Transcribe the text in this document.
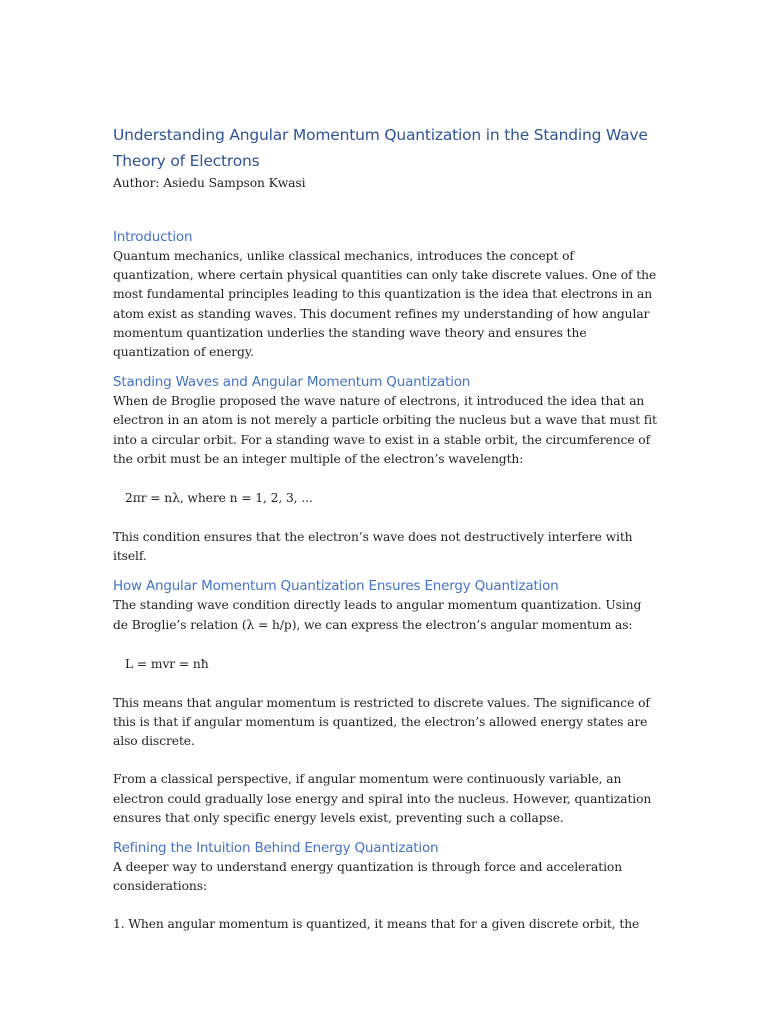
Understanding Angular Momentum Quantization in the Standing Wave Theory of Electrons

Author: Asiedu Sampson Kwasi

Introduction

Quantum mechanics, unlike classical mechanics, introduces the concept of quantization, where certain physical quantities can only take discrete values. One of the most fundamental principles leading to this quantization is the idea that electrons in an atom exist as standing waves. This document refines my understanding of how angular momentum quantization underlies the standing wave theory and ensures the quantization of energy.

Standing Waves and Angular Momentum Quantization

When de Broglie proposed the wave nature of electrons, it introduced the idea that an electron in an atom is not merely a particle orbiting the nucleus but a wave that must fit into a circular orbit. For a standing wave to exist in a stable orbit, the circumference of the orbit must be an integer multiple of the electron’s wavelength:

2πr = nλ, where n = 1, 2, 3, ...

This condition ensures that the electron’s wave does not destructively interfere with itself.

How Angular Momentum Quantization Ensures Energy Quantization

The standing wave condition directly leads to angular momentum quantization. Using de Broglie’s relation (λ = h/p), we can express the electron’s angular momentum as:

L = mvr = nħ

This means that angular momentum is restricted to discrete values. The significance of this is that if angular momentum is quantized, the electron’s allowed energy states are also discrete.

From a classical perspective, if angular momentum were continuously variable, an electron could gradually lose energy and spiral into the nucleus. However, quantization ensures that only specific energy levels exist, preventing such a collapse.

Refining the Intuition Behind Energy Quantization

A deeper way to understand energy quantization is through force and acceleration considerations:

1. When angular momentum is quantized, it means that for a given discrete orbit, the
